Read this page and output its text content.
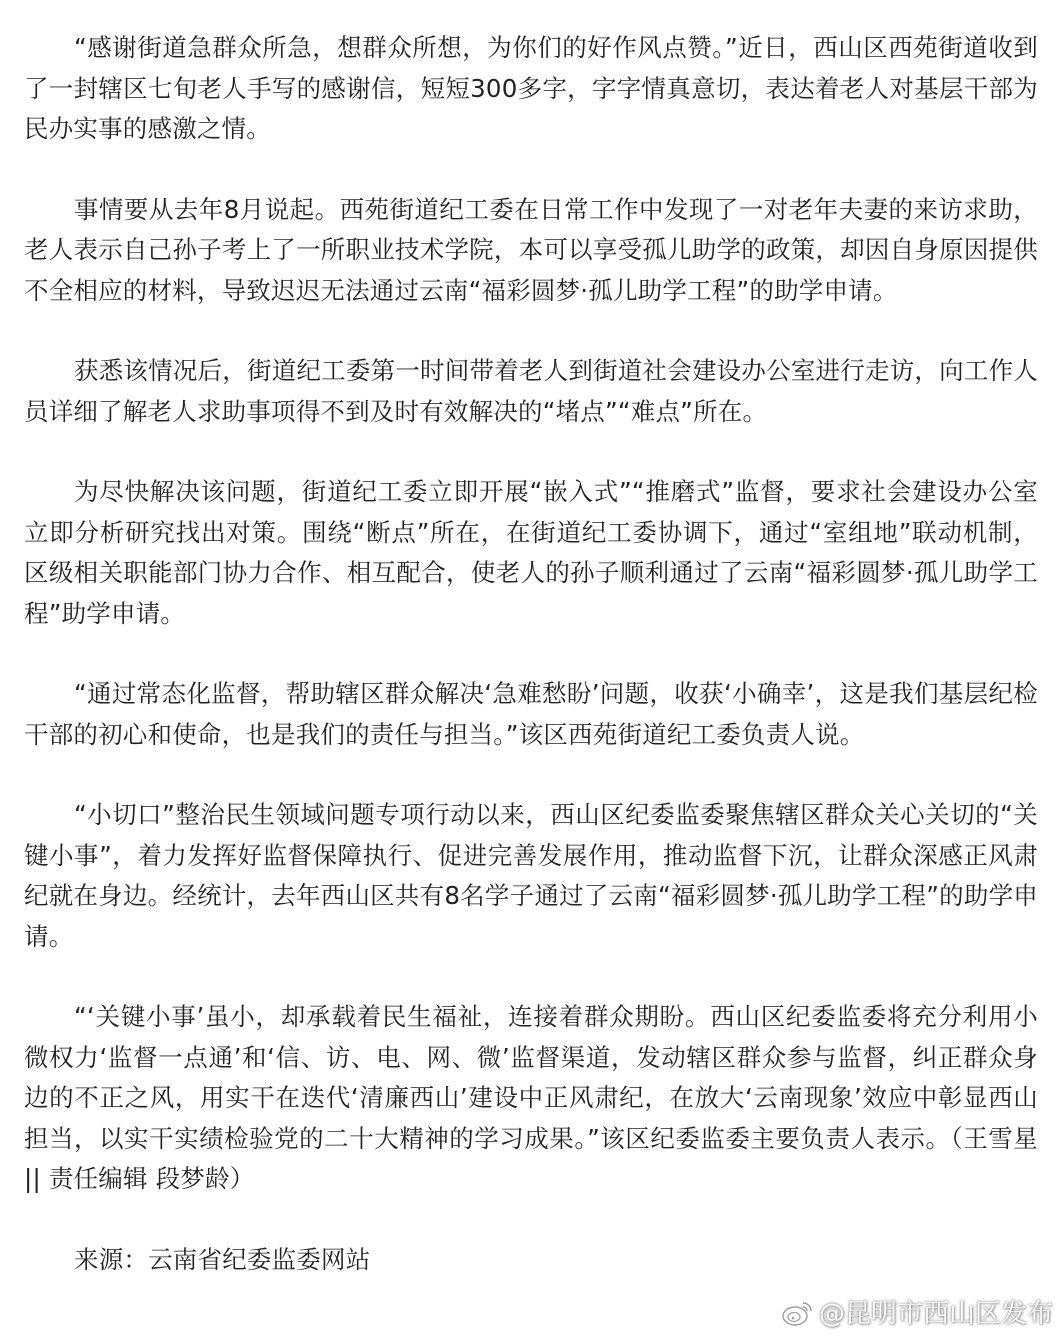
“感谢街道急群众所急，想群众所想，为你们的好作风点赞。”近日，西山区西苑街道收到了一封辖区七旬老人手写的感谢信，短短300多字，字字情真意切，表达着老人对基层干部为民办实事的感激之情。

事情要从去年8月说起。西苑街道纪工委在日常工作中发现了一对老年夫妻的来访求助，老人表示自己孙子考上了一所职业技术学院，本可以享受孤儿助学的政策，却因自身原因提供不全相应的材料，导致迟迟无法通过云南“福彩圆梦·孤儿助学工程”的助学申请。

获悉该情况后，街道纪工委第一时间带着老人到街道社会建设办公室进行走访，向工作人员详细了解老人求助事项得不到及时有效解决的“堵点”“难点”所在。

为尽快解决该问题，街道纪工委立即开展“嵌入式”“推磨式”监督，要求社会建设办公室立即分析研究找出对策。围绕“断点”所在，在街道纪工委协调下，通过“室组地”联动机制，区级相关职能部门协力合作、相互配合，使老人的孙子顺利通过了云南“福彩圆梦·孤儿助学工程”助学申请。

“通过常态化监督，帮助辖区群众解决‘急难愁盼’问题，收获‘小确幸’，这是我们基层纪检干部的初心和使命，也是我们的责任与担当。”该区西苑街道纪工委负责人说。

“小切口”整治民生领域问题专项行动以来，西山区纪委监委聚焦辖区群众关心关切的“关键小事”，着力发挥好监督保障执行、促进完善发展作用，推动监督下沉，让群众深感正风肃纪就在身边。经统计，去年西山区共有8名学子通过了云南“福彩圆梦·孤儿助学工程”的助学申请。

“‘关键小事’虽小，却承载着民生福祉，连接着群众期盼。西山区纪委监委将充分利用小微权力‘监督一点通’和‘信、访、电、网、微’监督渠道，发动辖区群众参与监督，纠正群众身边的不正之风，用实干在迭代‘清廉西山’建设中正风肃纪，在放大‘云南现象’效应中彰显西山担当，以实干实绩检验党的二十大精神的学习成果。”该区纪委监委主要负责人表示。（王雪星 || 责任编辑 段梦龄）

来源：云南省纪委监委网站

@昆明市西山区发布
